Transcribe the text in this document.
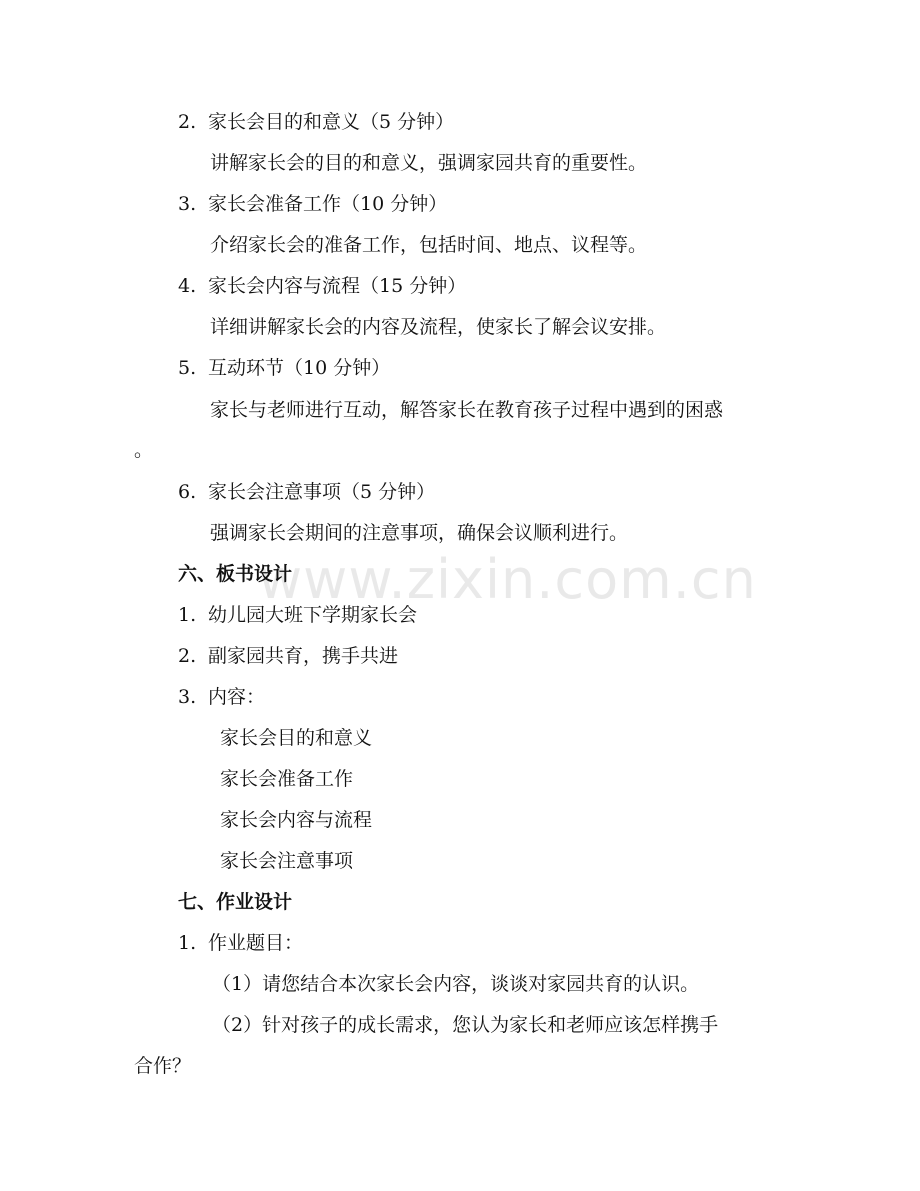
www.zixin.com.cn
2. 家长会目的和意义（5 分钟）
讲解家长会的目的和意义，强调家园共育的重要性。
3. 家长会准备工作（10 分钟）
介绍家长会的准备工作，包括时间、地点、议程等。
4. 家长会内容与流程（15 分钟）
详细讲解家长会的内容及流程，使家长了解会议安排。
5. 互动环节（10 分钟）
家长与老师进行互动，解答家长在教育孩子过程中遇到的困惑
。
6. 家长会注意事项（5 分钟）
强调家长会期间的注意事项，确保会议顺利进行。
六、板书设计
1. 幼儿园大班下学期家长会
2. 副家园共育，携手共进
3. 内容：
家长会目的和意义
家长会准备工作
家长会内容与流程
家长会注意事项
七、作业设计
1. 作业题目：
（1）请您结合本次家长会内容，谈谈对家园共育的认识。
（2）针对孩子的成长需求，您认为家长和老师应该怎样携手
合作？
